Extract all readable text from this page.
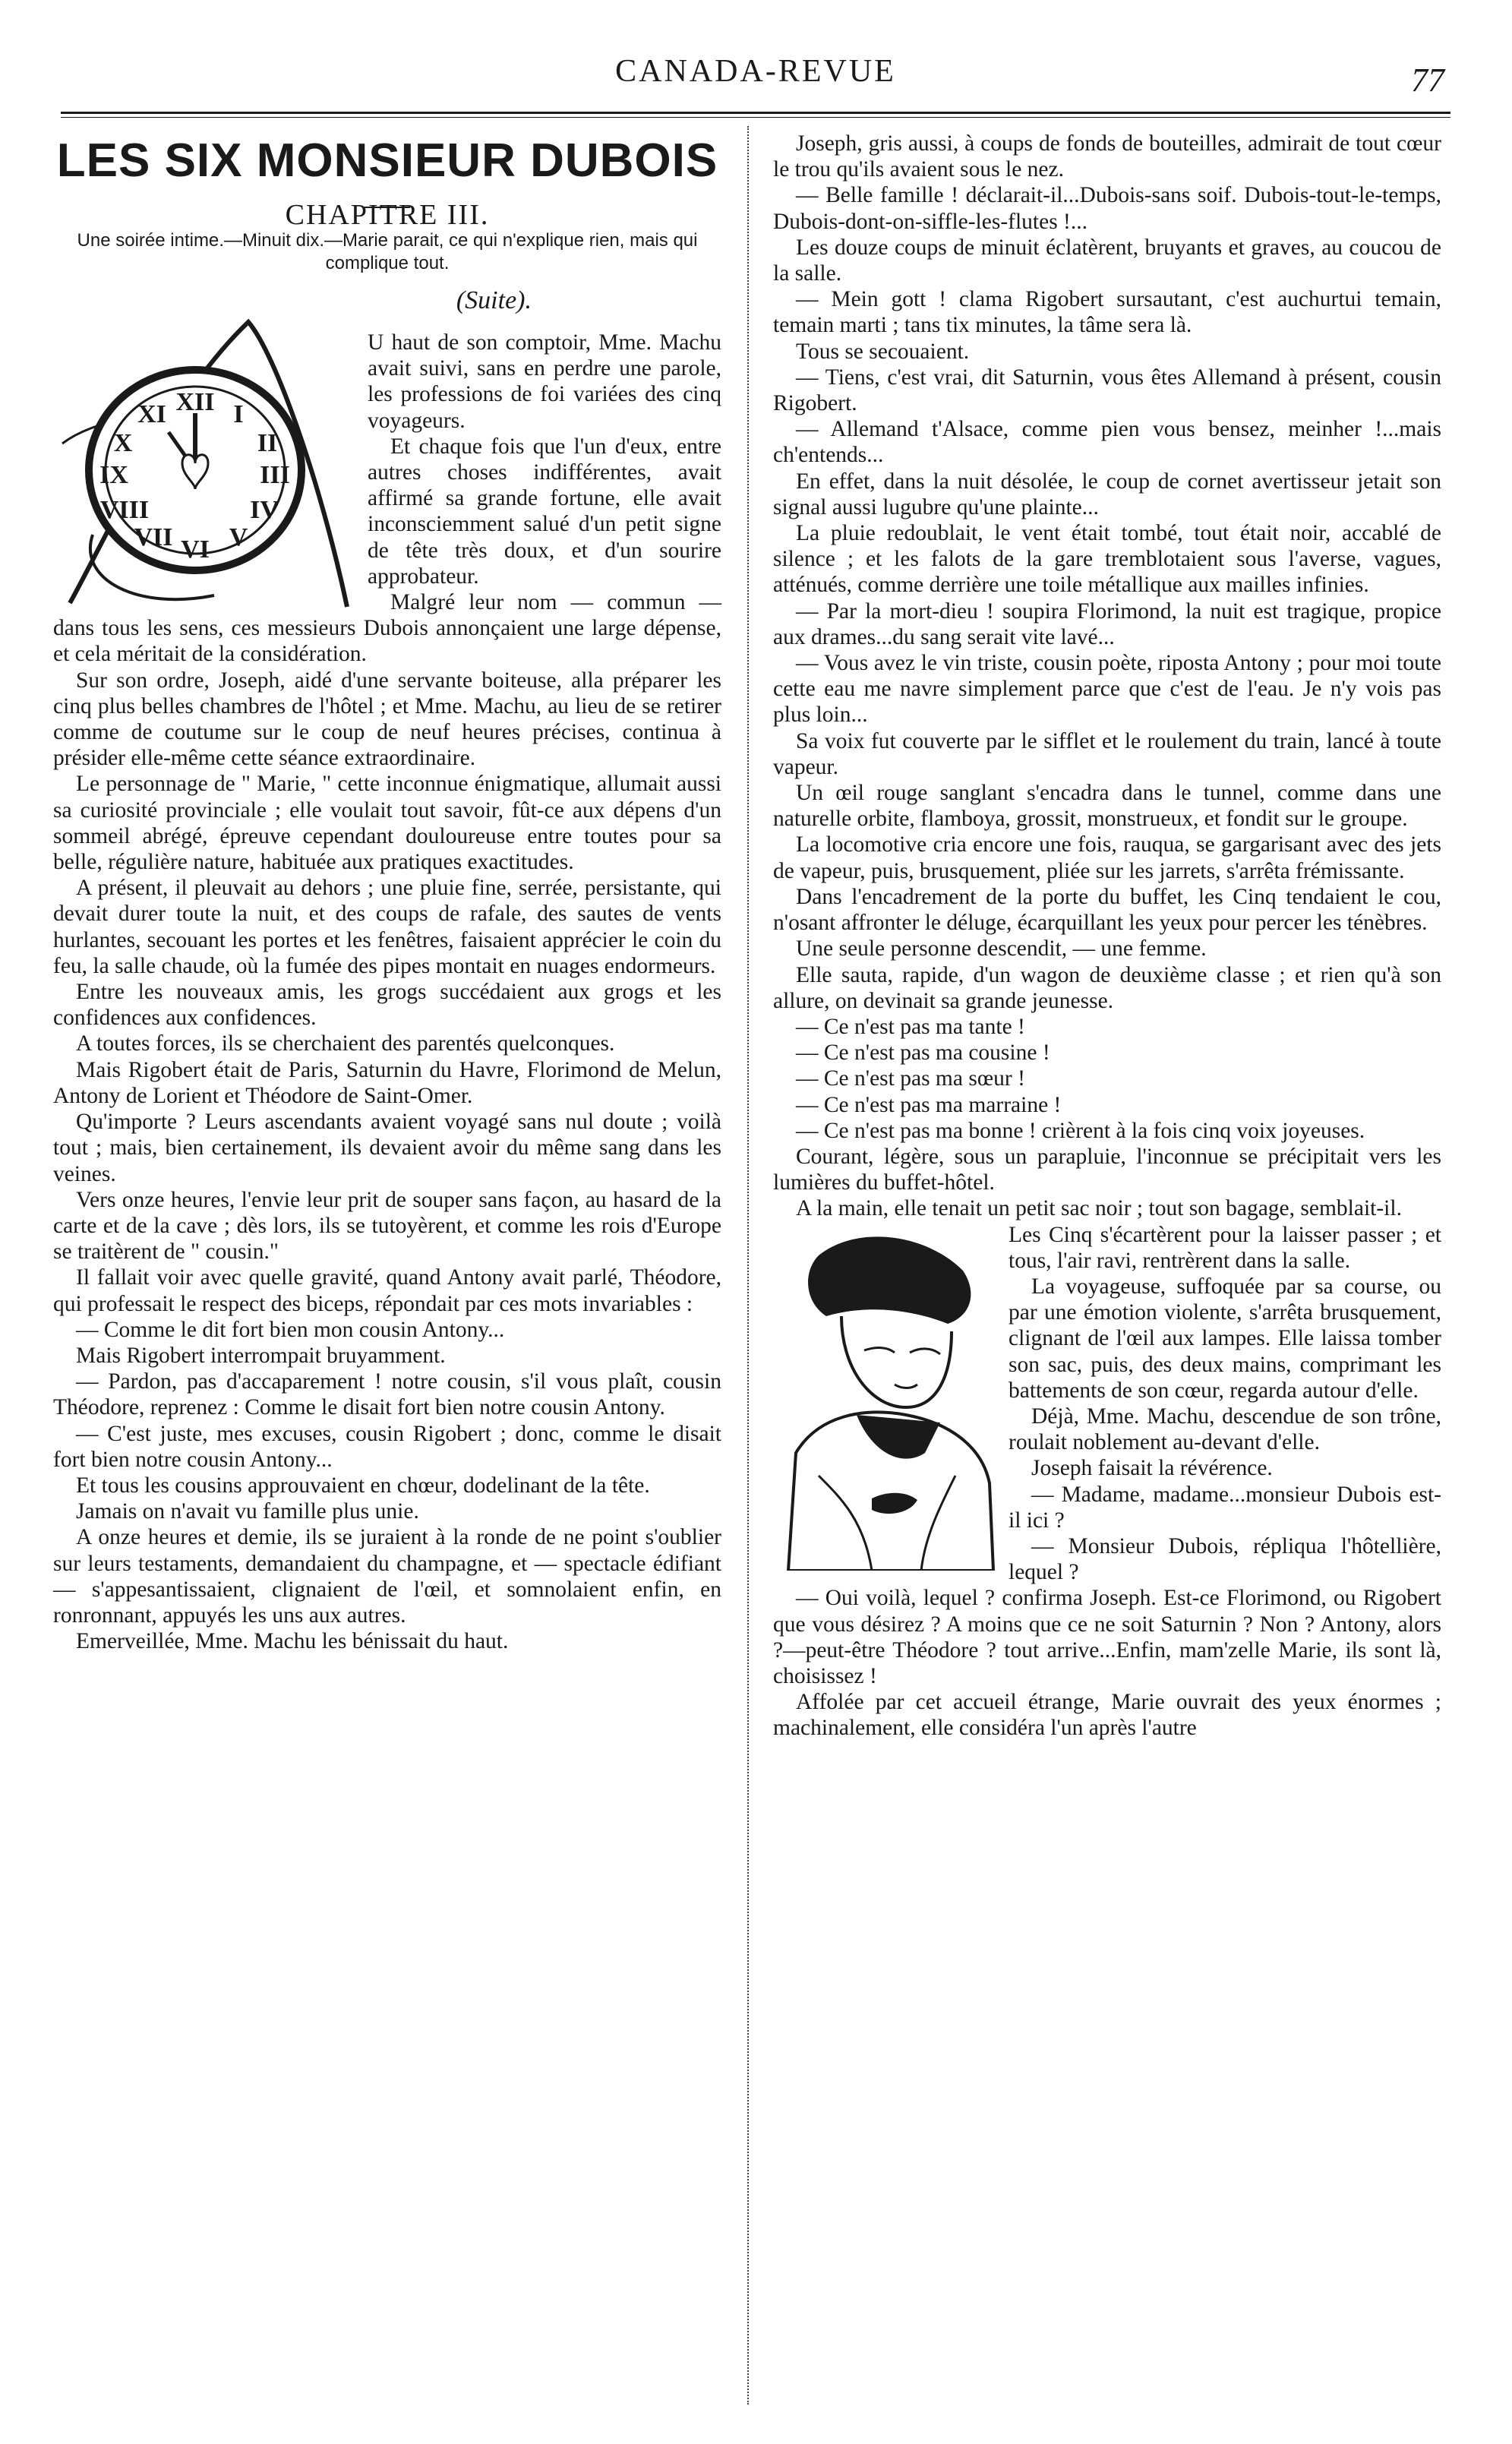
CANADA-REVUE	77
LES SIX MONSIEUR DUBOIS
CHAPITRE III.
Une soirée intime.—Minuit dix.—Marie parait, ce qui n'explique rien, mais qui complique tout.
(Suite).
XII I
II
III
IV
V
VI
VII
VIII
IX
X
XI

U haut de son comptoir, Mme. Machu avait suivi, sans en perdre une parole, les professions de foi variées des cinq voyageurs.

Et chaque fois que l'un d'eux, entre autres choses indifférentes, avait affirmé sa grande fortune, elle avait inconsciemment salué d'un petit signe de tête très doux, et d'un sourire approbateur.

Malgré leur nom — commun — dans tous les sens, ces messieurs Dubois annonçaient une large dépense, et cela méritait de la considération.

Sur son ordre, Joseph, aidé d'une servante boiteuse, alla préparer les cinq plus belles chambres de l'hôtel ; et Mme. Machu, au lieu de se retirer comme de coutume sur le coup de neuf heures précises, continua à présider elle-même cette séance extraordinaire.

Le personnage de " Marie, " cette inconnue énigmatique, allumait aussi sa curiosité provinciale ; elle voulait tout savoir, fût-ce aux dépens d'un sommeil abrégé, épreuve cependant douloureuse entre toutes pour sa belle, régulière nature, habituée aux pratiques exactitudes.

A présent, il pleuvait au dehors ; une pluie fine, serrée, persistante, qui devait durer toute la nuit, et des coups de rafale, des sautes de vents hurlantes, secouant les portes et les fenêtres, faisaient apprécier le coin du feu, la salle chaude, où la fumée des pipes montait en nuages endormeurs.

Entre les nouveaux amis, les grogs succédaient aux grogs et les confidences aux confidences.

A toutes forces, ils se cherchaient des parentés quelconques.

Mais Rigobert était de Paris, Saturnin du Havre, Florimond de Melun, Antony de Lorient et Théodore de Saint-Omer.

Qu'importe ? Leurs ascendants avaient voyagé sans nul doute ; voilà tout ; mais, bien certainement, ils devaient avoir du même sang dans les veines.

Vers onze heures, l'envie leur prit de souper sans façon, au hasard de la carte et de la cave ; dès lors, ils se tutoyèrent, et comme les rois d'Europe se traitèrent de " cousin."

Il fallait voir avec quelle gravité, quand Antony avait parlé, Théodore, qui professait le respect des biceps, répondait par ces mots invariables :

— Comme le dit fort bien mon cousin Antony...

Mais Rigobert interrompait bruyamment.

— Pardon, pas d'accaparement ! notre cousin, s'il vous plaît, cousin Théodore, reprenez : Comme le disait fort bien notre cousin Antony.

— C'est juste, mes excuses, cousin Rigobert ; donc, comme le disait fort bien notre cousin Antony...

Et tous les cousins approuvaient en chœur, dodelinant de la tête.

Jamais on n'avait vu famille plus unie.

A onze heures et demie, ils se juraient à la ronde de ne point s'oublier sur leurs testaments, demandaient du champagne, et — spectacle édifiant — s'appesantissaient, clignaient de l'œil, et somnolaient enfin, en ronronnant, appuyés les uns aux autres.

Emerveillée, Mme. Machu les bénissait du haut.

Joseph, gris aussi, à coups de fonds de bouteilles, admirait de tout cœur le trou qu'ils avaient sous le nez.

— Belle famille ! déclarait-il...Dubois-sans soif. Dubois-tout-le-temps, Dubois-dont-on-siffle-les-flutes !...

Les douze coups de minuit éclatèrent, bruyants et graves, au coucou de la salle.

— Mein gott ! clama Rigobert sursautant, c'est auchurtui temain, temain marti ; tans tix minutes, la tâme sera là.

Tous se secouaient.

— Tiens, c'est vrai, dit Saturnin, vous êtes Allemand à présent, cousin Rigobert.

— Allemand t'Alsace, comme pien vous bensez, meinher !...mais ch'entends...

En effet, dans la nuit désolée, le coup de cornet avertisseur jetait son signal aussi lugubre qu'une plainte...

La pluie redoublait, le vent était tombé, tout était noir, accablé de silence ; et les falots de la gare tremblotaient sous l'averse, vagues, atténués, comme derrière une toile métallique aux mailles infinies.

— Par la mort-dieu ! soupira Florimond, la nuit est tragique, propice aux drames...du sang serait vite lavé...

— Vous avez le vin triste, cousin poète, riposta Antony ; pour moi toute cette eau me navre simplement parce que c'est de l'eau. Je n'y vois pas plus loin...

Sa voix fut couverte par le sifflet et le roulement du train, lancé à toute vapeur.

Un œil rouge sanglant s'encadra dans le tunnel, comme dans une naturelle orbite, flamboya, grossit, monstrueux, et fondit sur le groupe.

La locomotive cria encore une fois, rauqua, se gargarisant avec des jets de vapeur, puis, brusquement, pliée sur les jarrets, s'arrêta frémissante.

Dans l'encadrement de la porte du buffet, les Cinq tendaient le cou, n'osant affronter le déluge, écarquillant les yeux pour percer les ténèbres.

Une seule personne descendit, — une femme.

Elle sauta, rapide, d'un wagon de deuxième classe ; et rien qu'à son allure, on devinait sa grande jeunesse.

— Ce n'est pas ma tante !

— Ce n'est pas ma cousine !

— Ce n'est pas ma sœur !

— Ce n'est pas ma marraine !

— Ce n'est pas ma bonne ! crièrent à la fois cinq voix joyeuses.

Courant, légère, sous un parapluie, l'inconnue se précipitait vers les lumières du buffet-hôtel.

A la main, elle tenait un petit sac noir ; tout son bagage, semblait-il.

Les Cinq s'écartèrent pour la laisser passer ; et tous, l'air ravi, rentrèrent dans la salle.

La voyageuse, suffoquée par sa course, ou par une émotion violente, s'arrêta brusquement, clignant de l'œil aux lampes. Elle laissa tomber son sac, puis, des deux mains, comprimant les battements de son cœur, regarda autour d'elle.

Déjà, Mme. Machu, descendue de son trône, roulait noblement au-devant d'elle.

Joseph faisait la révérence.

— Madame, madame...monsieur Dubois est-il ici ?

— Monsieur Dubois, répliqua l'hôtellière, lequel ?

— Oui voilà, lequel ? confirma Joseph. Est-ce Florimond, ou Rigobert que vous désirez ? A moins que ce ne soit Saturnin ? Non ? Antony, alors ?—peut-être Théodore ? tout arrive...Enfin, mam'zelle Marie, ils sont là, choisissez !

Affolée par cet accueil étrange, Marie ouvrait des yeux énormes ; machinalement, elle considéra l'un après l'autre
